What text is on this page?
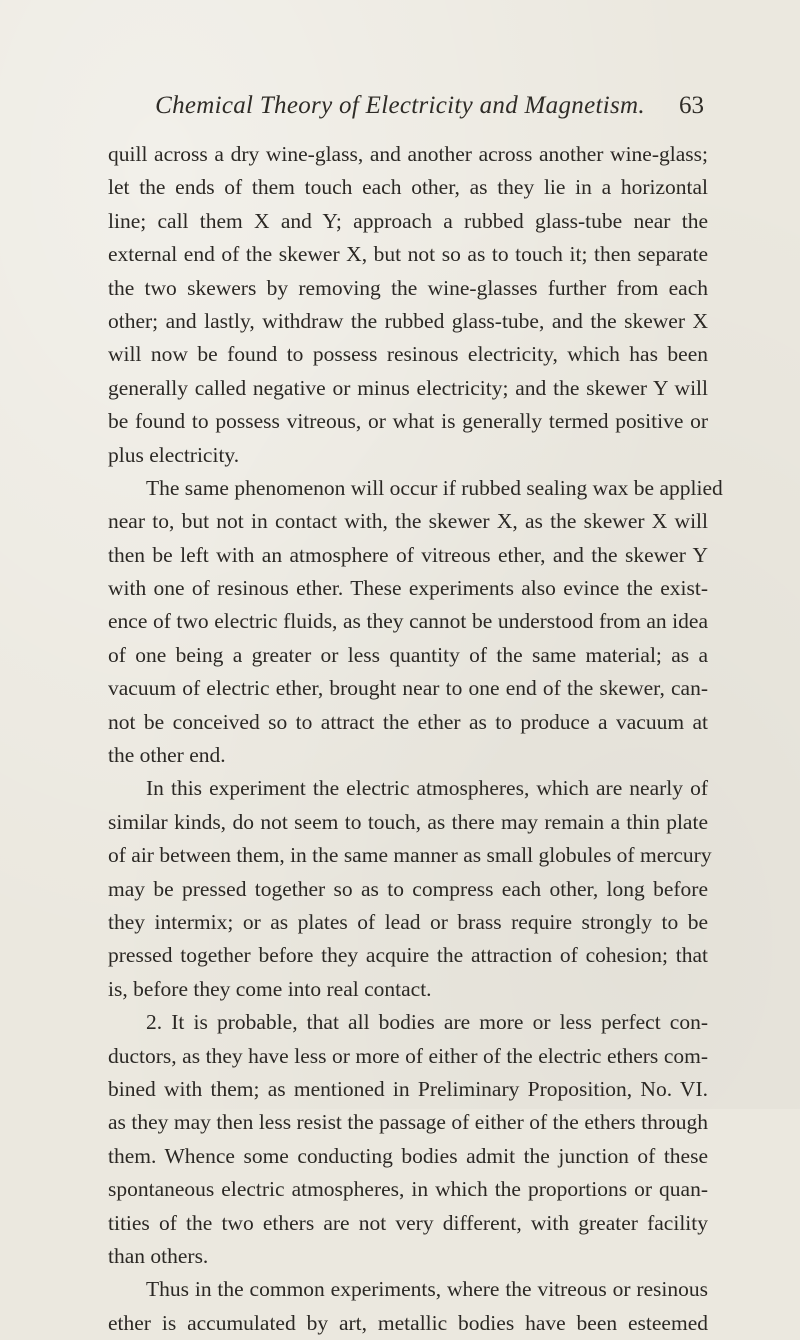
Chemical Theory of Electricity and Magnetism.	63
quill across a dry wine-glass, and another across another wine-glass;
let the ends of them touch each other, as they lie in a horizontal
line; call them X and Y; approach a rubbed glass-tube near the
external end of the skewer X, but not so as to touch it; then separate
the two skewers by removing the wine-glasses further from each
other; and lastly, withdraw the rubbed glass-tube, and the skewer X
will now be found to possess resinous electricity, which has been
generally called negative or minus electricity; and the skewer Y will
be found to possess vitreous, or what is generally termed positive or
plus electricity.
The same phenomenon will occur if rubbed sealing wax be applied
near to, but not in contact with, the skewer X, as the skewer X will
then be left with an atmosphere of vitreous ether, and the skewer Y
with one of resinous ether. These experiments also evince the exist-
ence of two electric fluids, as they cannot be understood from an idea
of one being a greater or less quantity of the same material; as a
vacuum of electric ether, brought near to one end of the skewer, can-
not be conceived so to attract the ether as to produce a vacuum at
the other end.
In this experiment the electric atmospheres, which are nearly of
similar kinds, do not seem to touch, as there may remain a thin plate
of air between them, in the same manner as small globules of mercury
may be pressed together so as to compress each other, long before
they intermix; or as plates of lead or brass require strongly to be
pressed together before they acquire the attraction of cohesion; that
is, before they come into real contact.
2. It is probable, that all bodies are more or less perfect con-
ductors, as they have less or more of either of the electric ethers com-
bined with them; as mentioned in Preliminary Proposition, No. VI.
as they may then less resist the passage of either of the ethers through
them. Whence some conducting bodies admit the junction of these
spontaneous electric atmospheres, in which the proportions or quan-
tities of the two ethers are not very different, with greater facility
than others.
Thus in the common experiments, where the vitreous or resinous
ether is accumulated by art, metallic bodies have been esteemed
